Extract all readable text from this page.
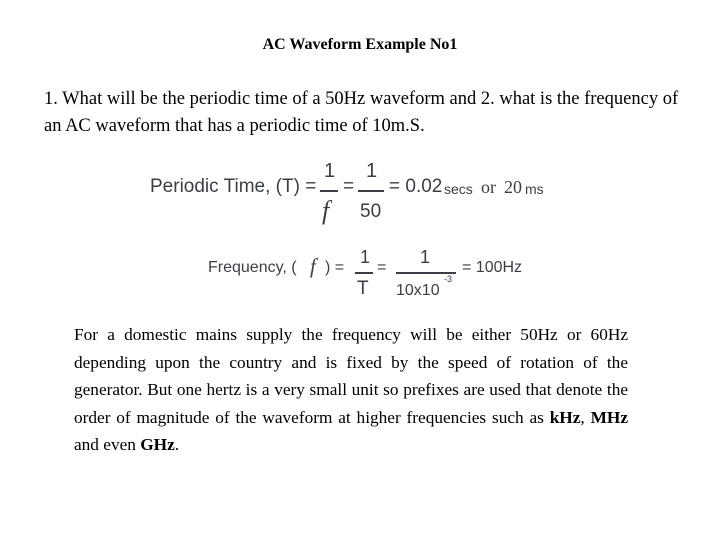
AC Waveform Example No1
1. What will be the periodic time of a 50Hz waveform and 2. what is the frequency of an AC waveform that has a periodic time of 10m.S.
Periodic Time, (T) =
1
f
=
1
50
= 0.02 secs or 20 ms
Frequency, ( f ) =
1
T
=
1
10x10
-3
= 100Hz
For a domestic mains supply the frequency will be either 50Hz or 60Hz depending upon the country and is fixed by the speed of rotation of the generator. But one hertz is a very small unit so prefixes are used that denote the order of magnitude of the waveform at higher frequencies such as kHz, MHz and even GHz.
